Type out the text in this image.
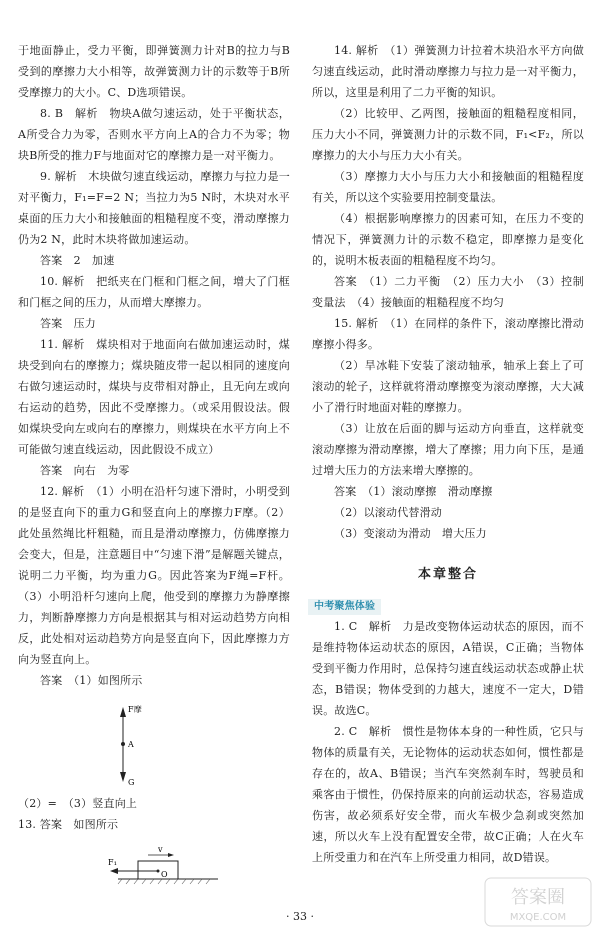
于地面静止，受力平衡，即弹簧测力计对B的拉力与B受到的摩擦力大小相等，故弹簧测力计的示数等于B所受摩擦力的大小。C、D选项错误。

8. B　解析　物块A做匀速运动，处于平衡状态，A所受合力为零，否则水平方向上A的合力不为零；物块B所受的推力F与地面对它的摩擦力是一对平衡力。

9. 解析　木块做匀速直线运动，摩擦力与拉力是一对平衡力，F₁=F=2 N；当拉力为5 N时，木块对水平桌面的压力大小和接触面的粗糙程度不变，滑动摩擦力仍为2 N，此时木块将做加速运动。

答案　2　加速

10. 解析　把纸夹在门框和门框之间，增大了门框和门框之间的压力，从而增大摩擦力。

答案　压力

11. 解析　煤块相对于地面向右做加速运动时，煤块受到向右的摩擦力；煤块随皮带一起以相同的速度向右做匀速运动时，煤块与皮带相对静止，且无向左或向右运动的趋势，因此不受摩擦力。（或采用假设法。假如煤块受向左或向右的摩擦力，则煤块在水平方向上不可能做匀速直线运动，因此假设不成立）

答案　向右　为零

12. 解析　（1）小明在沿杆匀速下滑时，小明受到的是竖直向下的重力G和竖直向上的摩擦力F摩。（2）此处虽然绳比杆粗糙，而且是滑动摩擦力，仿佛摩擦力会变大，但是，注意题目中“匀速下滑”是解题关键点，说明二力平衡，均为重力G。因此答案为F绳=F杆。（3）小明沿杆匀速向上爬，他受到的摩擦力为静摩擦力，判断静摩擦力方向是根据其与相对运动趋势方向相反，此处相对运动趋势方向是竖直向下，因此摩擦力方向为竖直向上。

答案　（1）如图所示

F摩
A
G

（2）=　（3）竖直向上

13. 答案　如图所示

F₁
v
O

14. 解析　（1）弹簧测力计拉着木块沿水平方向做匀速直线运动，此时滑动摩擦力与拉力是一对平衡力，所以，这里是利用了二力平衡的知识。

（2）比较甲、乙两图，接触面的粗糙程度相同，压力大小不同，弹簧测力计的示数不同，F₁<F₂，所以摩擦力的大小与压力大小有关。

（3）摩擦力大小与压力大小和接触面的粗糙程度有关，所以这个实验要用控制变量法。

（4）根据影响摩擦力的因素可知，在压力不变的情况下，弹簧测力计的示数不稳定，即摩擦力是变化的，说明木板表面的粗糙程度不均匀。

答案　（1）二力平衡　（2）压力大小　（3）控制变量法　（4）接触面的粗糙程度不均匀

15. 解析　（1）在同样的条件下，滚动摩擦比滑动摩擦小得多。

（2）旱冰鞋下安装了滚动轴承，轴承上套上了可滚动的轮子，这样就将滑动摩擦变为滚动摩擦，大大减小了滑行时地面对鞋的摩擦力。

（3）让放在后面的脚与运动方向垂直，这样就变滚动摩擦为滑动摩擦，增大了摩擦；用力向下压，是通过增大压力的方法来增大摩擦的。

答案　（1）滚动摩擦　滑动摩擦

（2）以滚动代替滑动

（3）变滚动为滑动　增大压力

本章整合
中考聚焦体验

1. C　解析　力是改变物体运动状态的原因，而不是维持物体运动状态的原因，A错误，C正确；当物体受到平衡力作用时，总保持匀速直线运动状态或静止状态，B错误；物体受到的力越大，速度不一定大，D错误。故选C。

2. C　解析　惯性是物体本身的一种性质，它只与物体的质量有关，无论物体的运动状态如何，惯性都是存在的，故A、B错误；当汽车突然刹车时，驾驶员和乘客由于惯性，仍保持原来的向前运动状态，容易造成伤害，故必须系好安全带，而火车极少急刹或突然加速，所以火车上没有配置安全带，故C正确；人在火车上所受重力和在汽车上所受重力相同，故D错误。

· 33 ·
答案圈
MXQE.COM
